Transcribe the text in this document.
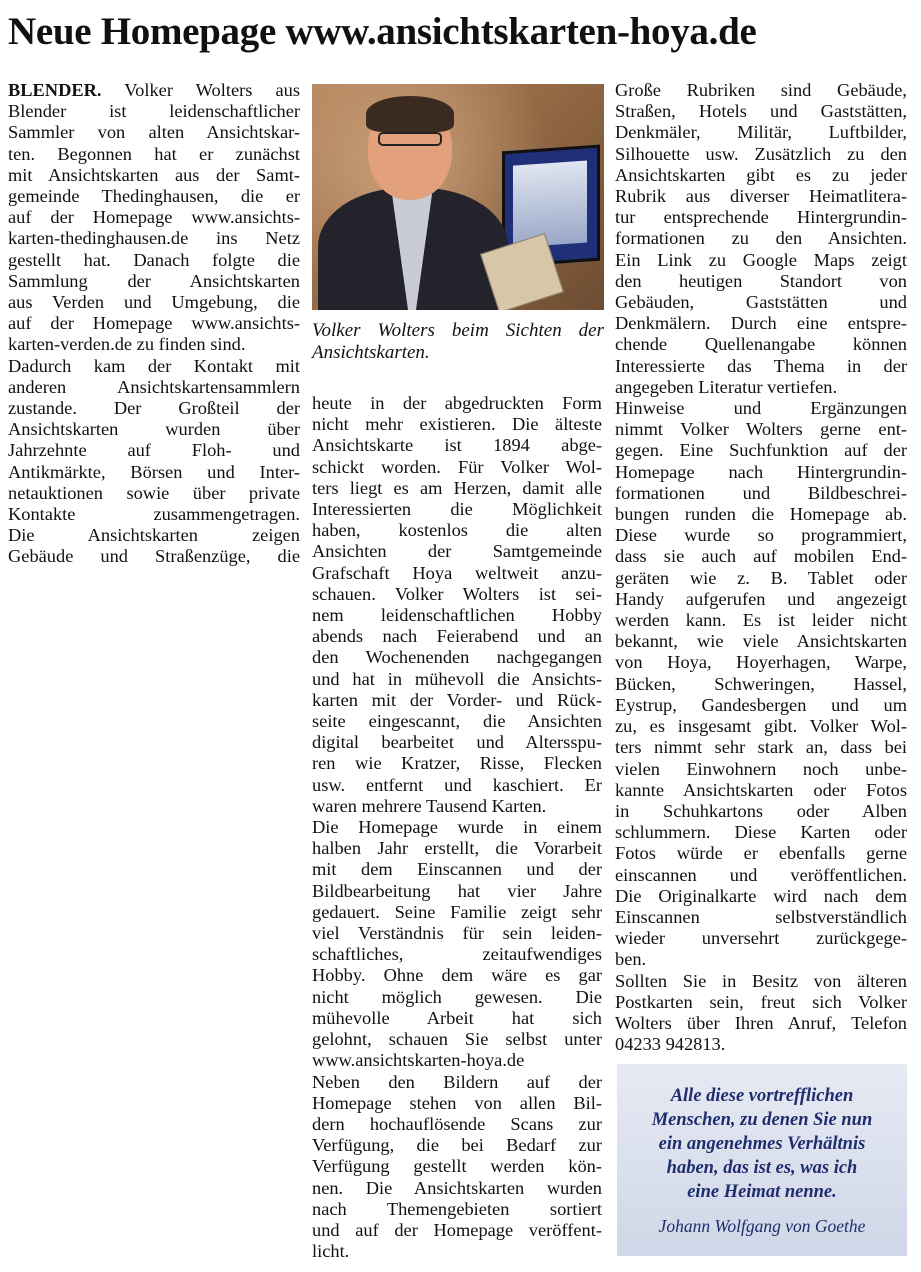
Neue Homepage www.ansichtskarten-hoya.de
BLENDER. Volker Wolters aus
Blender ist leidenschaftlicher
Sammler von alten Ansichtskar-
ten. Begonnen hat er zunächst
mit Ansichtskarten aus der Samt-
gemeinde Thedinghausen, die er
auf der Homepage www.ansichts-
karten-thedinghausen.de ins Netz
gestellt hat. Danach folgte die
Sammlung der Ansichtskarten
aus Verden und Umgebung, die
auf der Homepage www.ansichts-
karten-verden.de zu finden sind.
Dadurch kam der Kontakt mit
anderen Ansichtskartensammlern
zustande. Der Großteil der
Ansichtskarten wurden über
Jahrzehnte auf Floh- und
Antikmärkte, Börsen und Inter-
netauktionen sowie über private
Kontakte zusammengetragen.
Die Ansichtskarten zeigen
Gebäude und Straßenzüge, die
Volker Wolters beim Sichten der Ansichtskarten.
heute in der abgedruckten Form
nicht mehr existieren. Die älteste
Ansichtskarte ist 1894 abge-
schickt worden. Für Volker Wol-
ters liegt es am Herzen, damit alle
Interessierten die Möglichkeit
haben, kostenlos die alten
Ansichten der Samtgemeinde
Grafschaft Hoya weltweit anzu-
schauen. Volker Wolters ist sei-
nem leidenschaftlichen Hobby
abends nach Feierabend und an
den Wochenenden nachgegangen
und hat in mühevoll die Ansichts-
karten mit der Vorder- und Rück-
seite eingescannt, die Ansichten
digital bearbeitet und Altersspu-
ren wie Kratzer, Risse, Flecken
usw. entfernt und kaschiert. Er
waren mehrere Tausend Karten.
Die Homepage wurde in einem
halben Jahr erstellt, die Vorarbeit
mit dem Einscannen und der
Bildbearbeitung hat vier Jahre
gedauert. Seine Familie zeigt sehr
viel Verständnis für sein leiden-
schaftliches, zeitaufwendiges
Hobby. Ohne dem wäre es gar
nicht möglich gewesen. Die
mühevolle Arbeit hat sich
gelohnt, schauen Sie selbst unter
www.ansichtskarten-hoya.de
Neben den Bildern auf der
Homepage stehen von allen Bil-
dern hochauflösende Scans zur
Verfügung, die bei Bedarf zur
Verfügung gestellt werden kön-
nen. Die Ansichtskarten wurden
nach Themengebieten sortiert
und auf der Homepage veröffent-
licht.
Große Rubriken sind Gebäude,
Straßen, Hotels und Gaststätten,
Denkmäler, Militär, Luftbilder,
Silhouette usw. Zusätzlich zu den
Ansichtskarten gibt es zu jeder
Rubrik aus diverser Heimatlitera-
tur entsprechende Hintergrundin-
formationen zu den Ansichten.
Ein Link zu Google Maps zeigt
den heutigen Standort von
Gebäuden, Gaststätten und
Denkmälern. Durch eine entspre-
chende Quellenangabe können
Interessierte das Thema in der
angegeben Literatur vertiefen.
Hinweise und Ergänzungen
nimmt Volker Wolters gerne ent-
gegen. Eine Suchfunktion auf der
Homepage nach Hintergrundin-
formationen und Bildbeschrei-
bungen runden die Homepage ab.
Diese wurde so programmiert,
dass sie auch auf mobilen End-
geräten wie z. B. Tablet oder
Handy aufgerufen und angezeigt
werden kann. Es ist leider nicht
bekannt, wie viele Ansichtskarten
von Hoya, Hoyerhagen, Warpe,
Bücken, Schweringen, Hassel,
Eystrup, Gandesbergen und um
zu, es insgesamt gibt. Volker Wol-
ters nimmt sehr stark an, dass bei
vielen Einwohnern noch unbe-
kannte Ansichtskarten oder Fotos
in Schuhkartons oder Alben
schlummern. Diese Karten oder
Fotos würde er ebenfalls gerne
einscannen und veröffentlichen.
Die Originalkarte wird nach dem
Einscannen selbstverständlich
wieder unversehrt zurückgege-
ben.
Sollten Sie in Besitz von älteren
Postkarten sein, freut sich Volker
Wolters über Ihren Anruf, Telefon
04233 942813.
Alle diese vortrefflichen
Menschen, zu denen Sie nun
ein angenehmes Verhältnis
haben, das ist es, was ich
eine Heimat nenne.
Johann Wolfgang von Goethe
